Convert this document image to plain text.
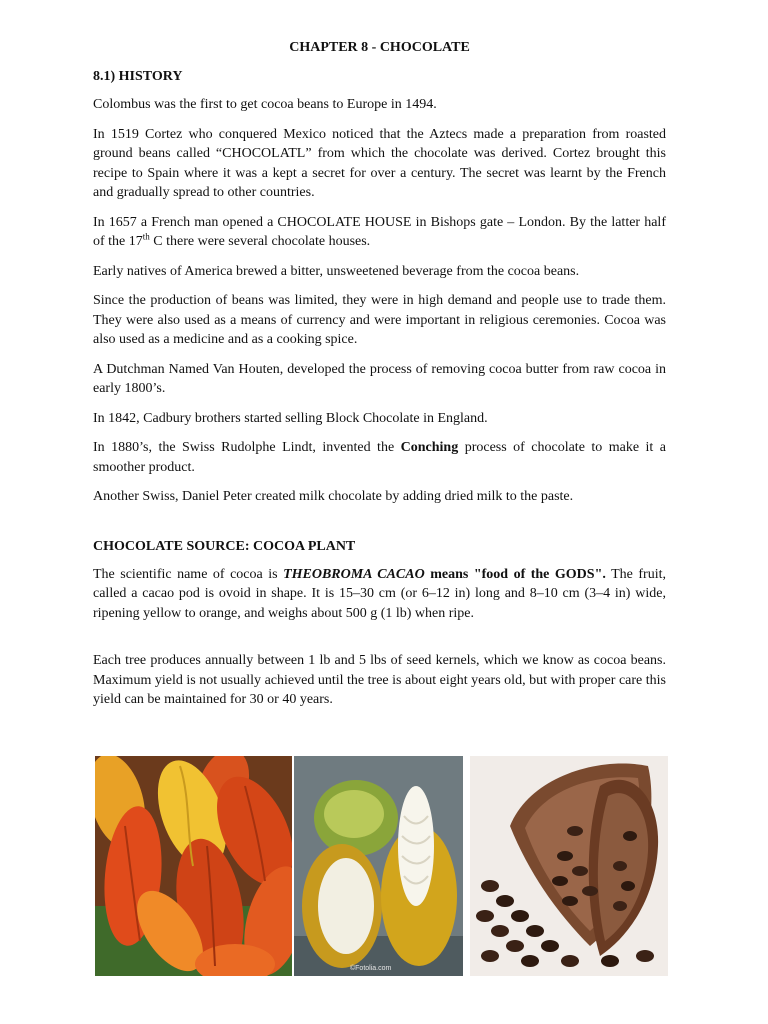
CHAPTER 8 - CHOCOLATE
8.1) HISTORY

Colombus was the first to get cocoa beans to Europe in 1494.

In 1519 Cortez who conquered Mexico noticed that the Aztecs made a preparation from roasted ground beans called “CHOCOLATL” from which the chocolate was derived. Cortez brought this recipe to Spain where it was a kept a secret for over a century. The secret was learnt by the French and gradually spread to other countries.

In 1657 a French man opened a CHOCOLATE HOUSE in Bishops gate – London. By the latter half of the 17th C there were several chocolate houses.

Early natives of America brewed a bitter, unsweetened beverage from the cocoa beans.

Since the production of beans was limited, they were in high demand and people use to trade them. They were also used as a means of currency and were important in religious ceremonies. Cocoa was also used as a medicine and as a cooking spice.

A Dutchman Named Van Houten, developed the process of removing cocoa butter from raw cocoa in early 1800’s.

In 1842, Cadbury brothers started selling Block Chocolate in England.

In 1880’s, the Swiss Rudolphe Lindt, invented the Conching process of chocolate to make it a smoother product.

Another Swiss, Daniel Peter created milk chocolate by adding dried milk to the paste.

CHOCOLATE SOURCE: COCOA PLANT

The scientific name of cocoa is THEOBROMA CACAO means "food of the GODS". The fruit, called a cacao pod is ovoid in shape. It is 15–30 cm (or 6–12 in) long and 8–10 cm (3–4 in) wide, ripening yellow to orange, and weighs about 500 g (1 lb) when ripe.

Each tree produces annually between 1 lb and 5 lbs of seed kernels, which we know as cocoa beans. Maximum yield is not usually achieved until the tree is about eight years old, but with proper care this yield can be maintained for 30 or 40 years.

©Fotolia.com
